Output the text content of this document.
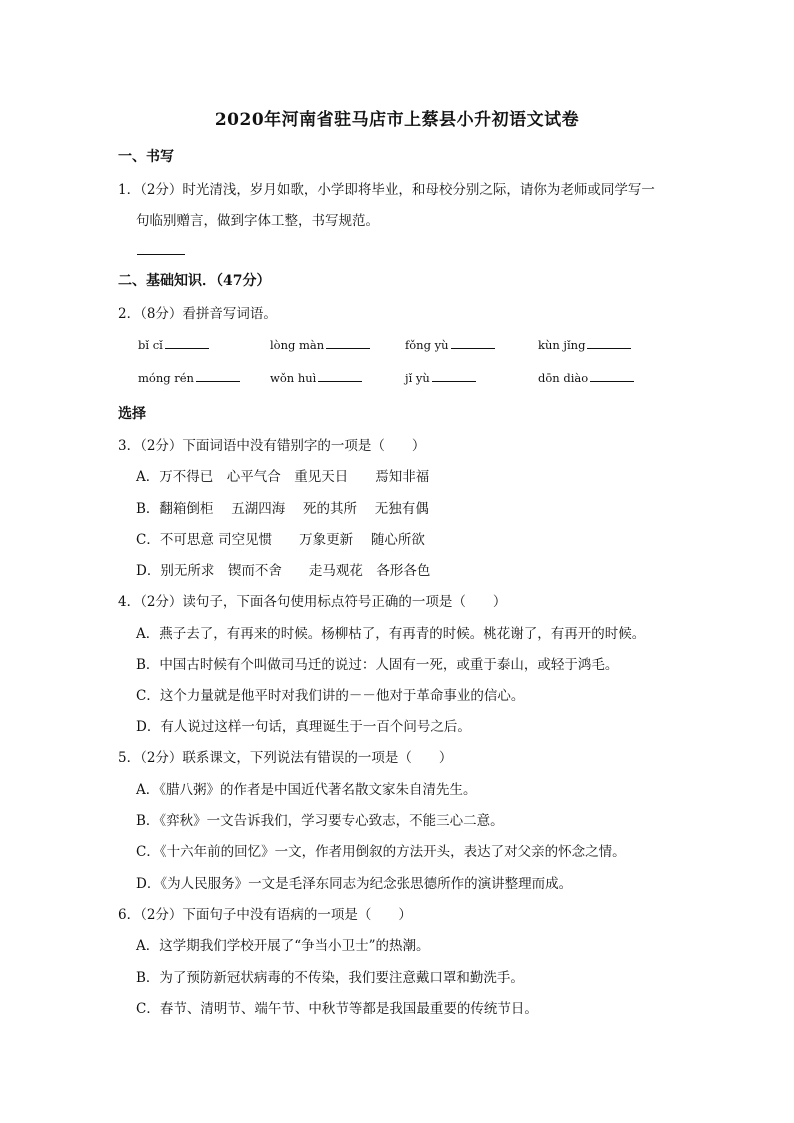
2020年河南省驻马店市上蔡县小升初语文试卷
一、书写
1．（2分）时光清浅，岁月如歌，小学即将毕业，和母校分别之际，请你为老师或同学写一
句临别赠言，做到字体工整，书写规范。
二、基础知识．（47分）
2．（8分）看拼音写词语。
bǐ cǐ	lòng màn	fǒng yù	kùn jǐng
móng rén	wǒn huì	jǐ yù	dōn diào
选择
3．（2分）下面词语中没有错别字的一项是（　　）
A．万不得已　心平气合　重见天日　　焉知非福
B．翻箱倒柜　 五湖四海　 死的其所　 无独有偶
C．不可思意 司空见惯　　万象更新　 随心所欲
D．别无所求　锲而不舍　　走马观花　各形各色
4．（2分）读句子，下面各句使用标点符号正确的一项是（　　）
A．燕子去了，有再来的时候。杨柳枯了，有再青的时候。桃花谢了，有再开的时候。
B．中国古时候有个叫做司马迁的说过：人固有一死，或重于泰山，或轻于鸿毛。
C．这个力量就是他平时对我们讲的－－他对于革命事业的信心。
D．有人说过这样一句话，真理诞生于一百个问号之后。
5．（2分）联系课文，下列说法有错误的一项是（　　）
A．《腊八粥》的作者是中国近代著名散文家朱自清先生。
B．《弈秋》一文告诉我们，学习要专心致志，不能三心二意。
C．《十六年前的回忆》一文，作者用倒叙的方法开头，表达了对父亲的怀念之情。
D．《为人民服务》一文是毛泽东同志为纪念张思德所作的演讲整理而成。
6．（2分）下面句子中没有语病的一项是（　　）
A．这学期我们学校开展了“争当小卫士”的热潮。
B．为了预防新冠状病毒的不传染，我们要注意戴口罩和勤洗手。
C．春节、清明节、端午节、中秋节等都是我国最重要的传统节日。
